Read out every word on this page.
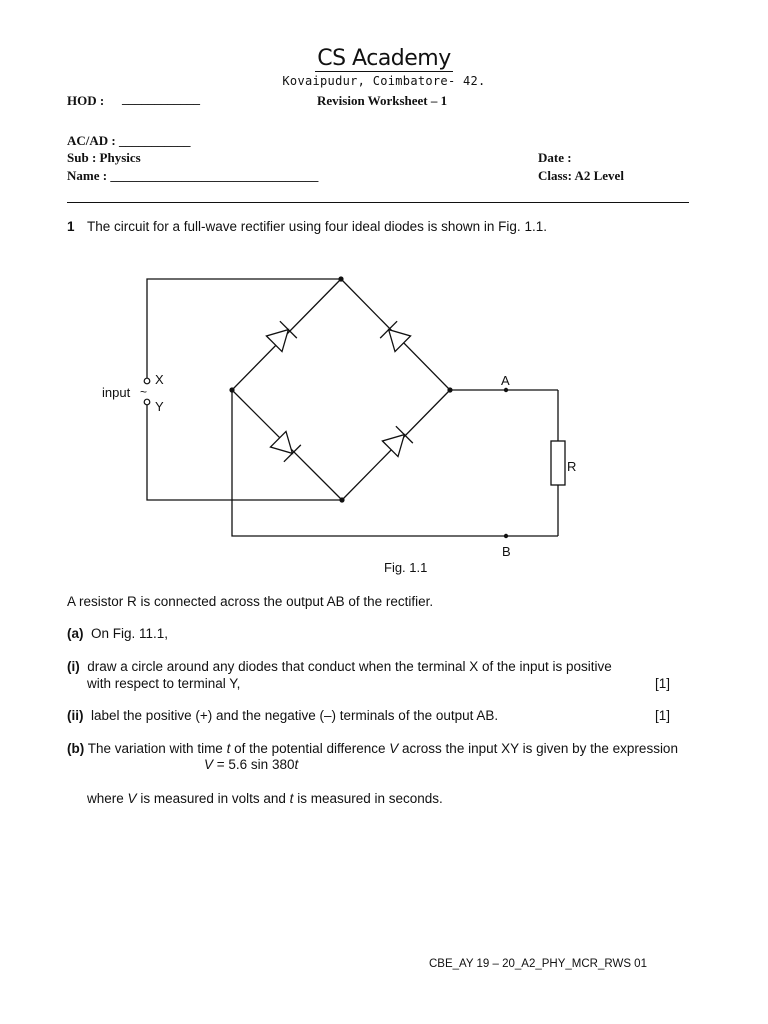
CS Academy
Kovaipudur, Coimbatore- 42.
HOD : ____________	Revision Worksheet – 1
AC/AD : ___________
Sub : Physics
Name : ________________________________
Date :
Class: A2 Level
1 The circuit for a full-wave rectifier using four ideal diodes is shown in Fig. 1.1.
input ~
X
Y
A
B
R
Fig. 1.1
A resistor R is connected across the output AB of the rectifier.
(a) On Fig. 11.1,
(i) draw a circle around any diodes that conduct when the terminal X of the input is positive
with respect to terminal Y,	[1]
(ii) label the positive (+) and the negative (–) terminals of the output AB.	[1]
(b) The variation with time t of the potential difference V across the input XY is given by the expression
V = 5.6 sin 380t
where V is measured in volts and t is measured in seconds.
CBE_AY 19 – 20_A2_PHY_MCR_RWS 01
